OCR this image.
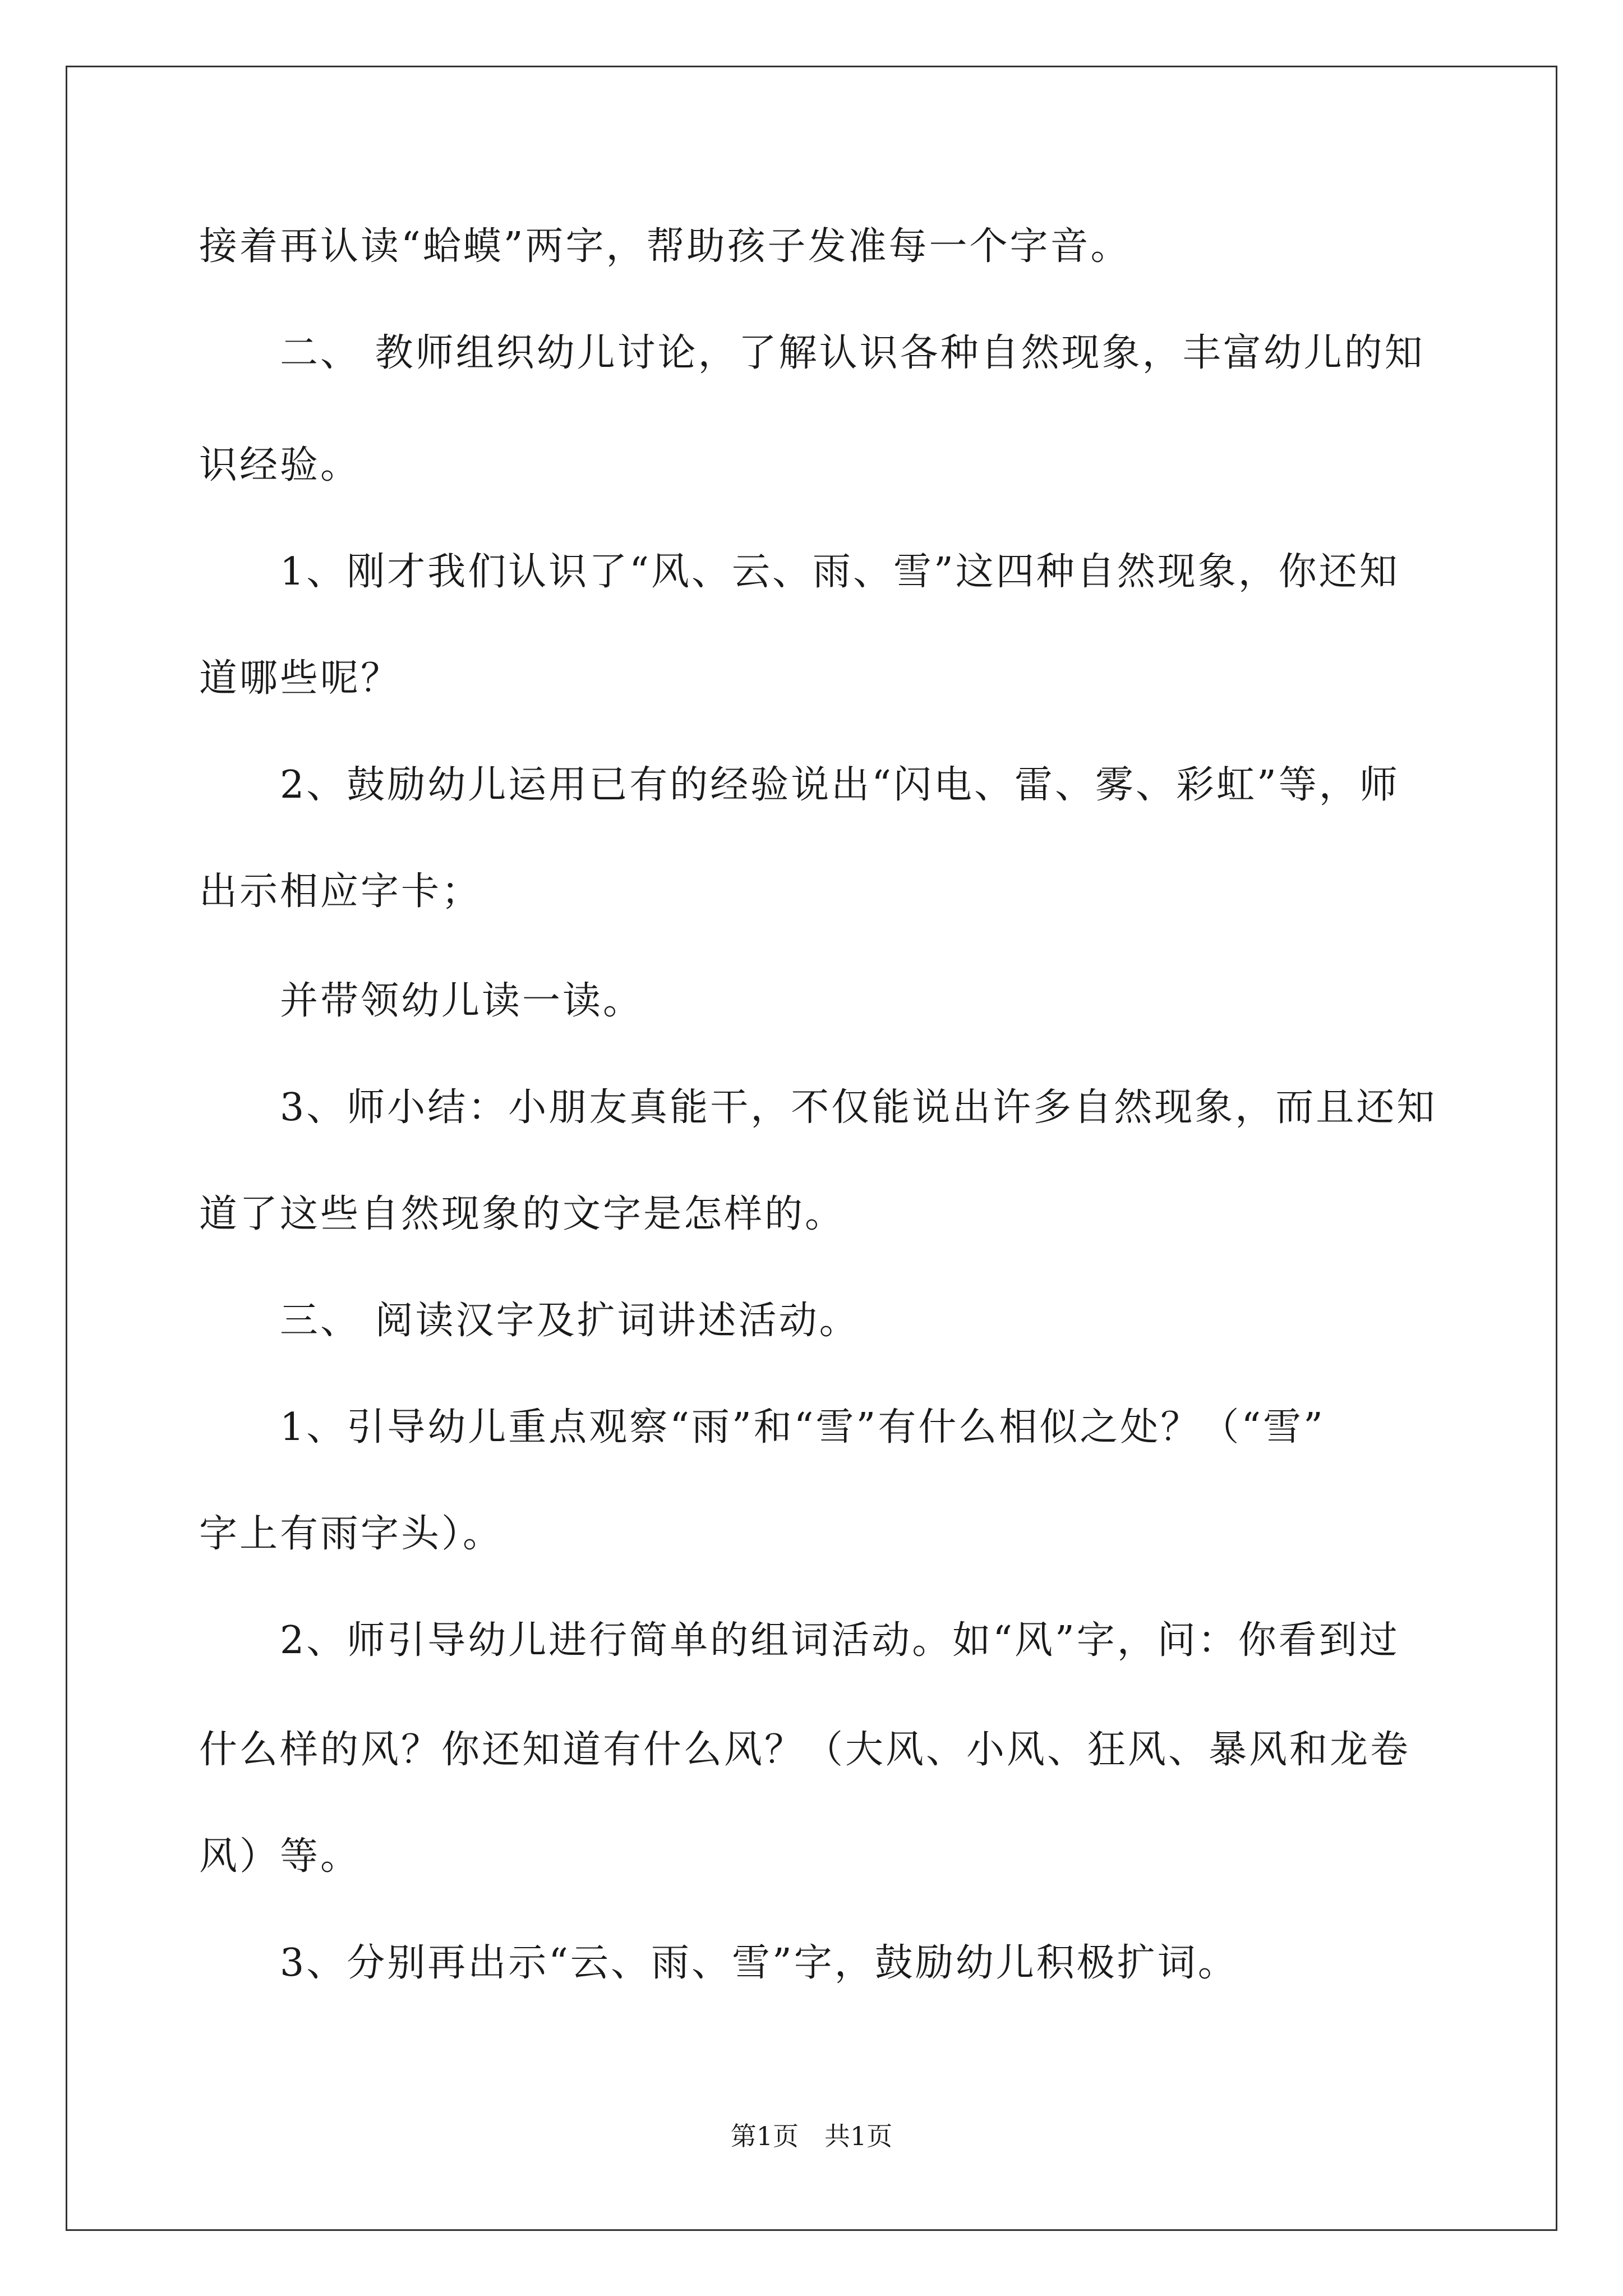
接着再认读“蛤蟆”两字，帮助孩子发准每一个字音。
　　二、 教师组织幼儿讨论，了解认识各种自然现象，丰富幼儿的知
识经验。
　　1、刚才我们认识了“风、云、雨、雪”这四种自然现象，你还知
道哪些呢？
　　2、鼓励幼儿运用已有的经验说出“闪电、雷、雾、彩虹”等，师
出示相应字卡；
　　并带领幼儿读一读。
　　3、师小结：小朋友真能干，不仅能说出许多自然现象，而且还知
道了这些自然现象的文字是怎样的。
　　三、 阅读汉字及扩词讲述活动。
　　1、引导幼儿重点观察“雨”和“雪”有什么相似之处？（“雪”
字上有雨字头）。
　　2、师引导幼儿进行简单的组词活动。如“风”字，问：你看到过
什么样的风？你还知道有什么风？（大风、小风、狂风、暴风和龙卷
风）等。
　　3、分别再出示“云、雨、雪”字，鼓励幼儿积极扩词。
第1页　共1页
